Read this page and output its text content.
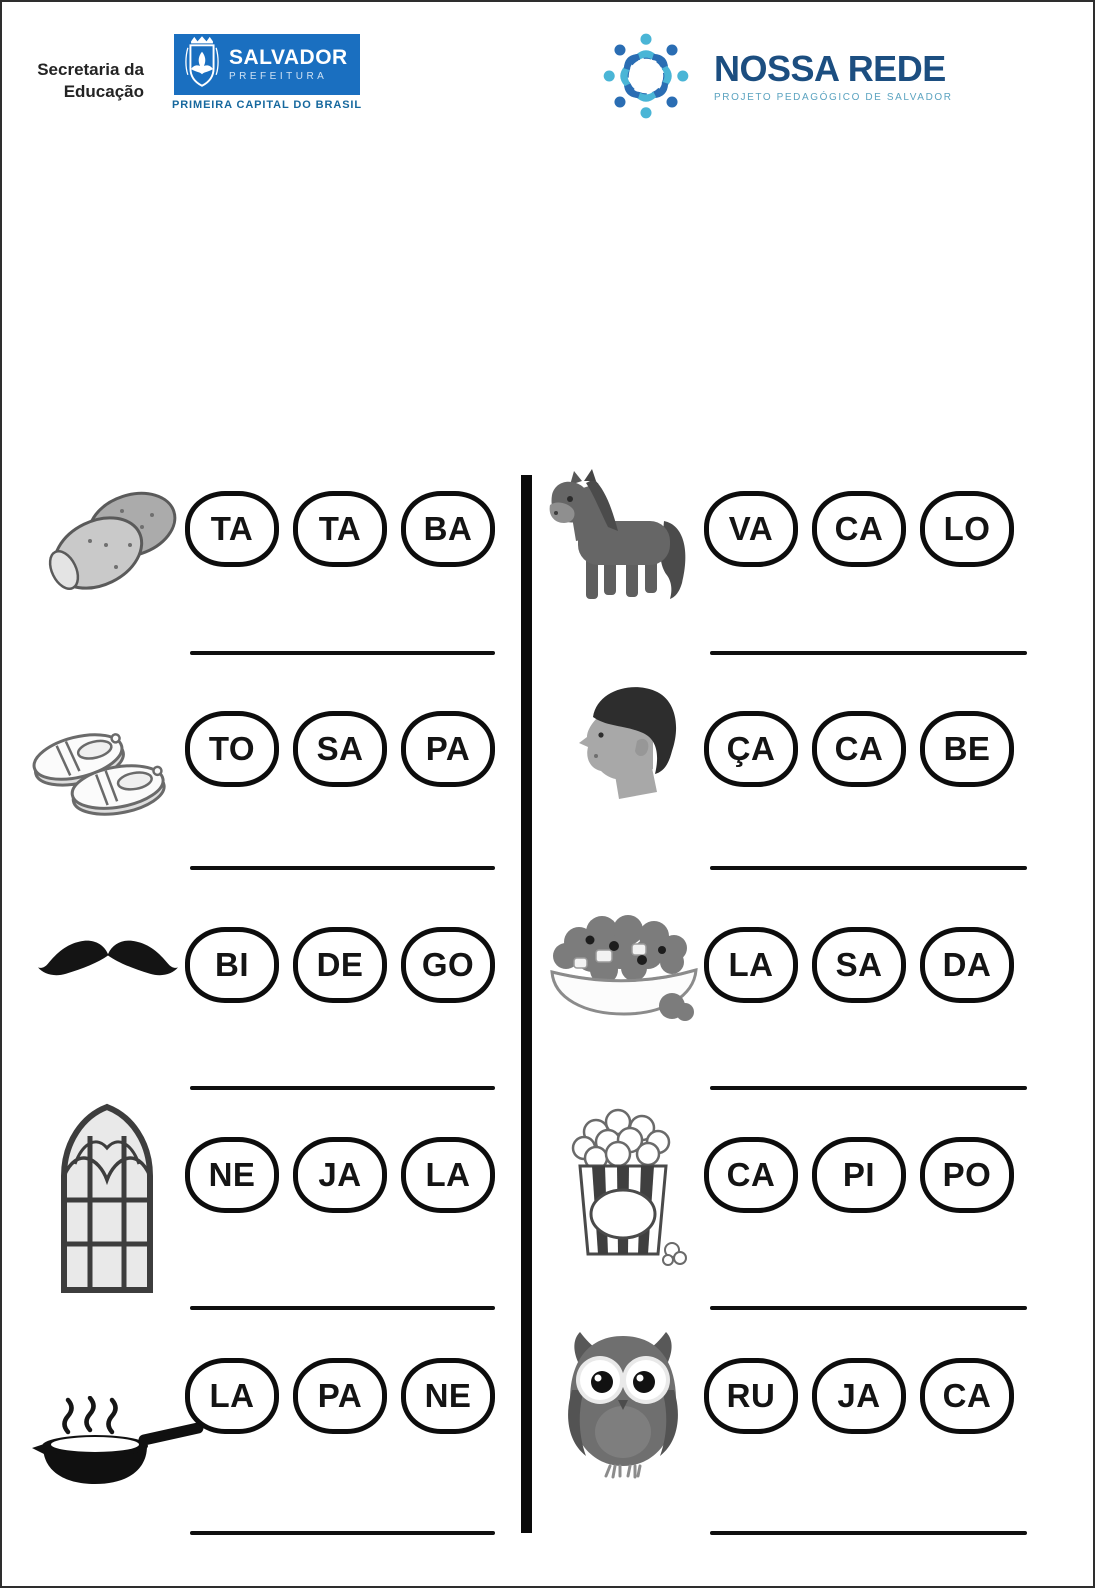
Secretaria da
Educação
SALVADOR
PREFEITURA
PRIMEIRA CAPITAL DO BRASIL
NOSSA REDE
PROJETO PEDAGÓGICO DE SALVADOR
TA TA BA
TO SA PA
BI DE GO
NE JA LA
LA PA NE
VA CA LO
ÇA CA BE
LA SA DA
CA PI PO
RU JA CA
